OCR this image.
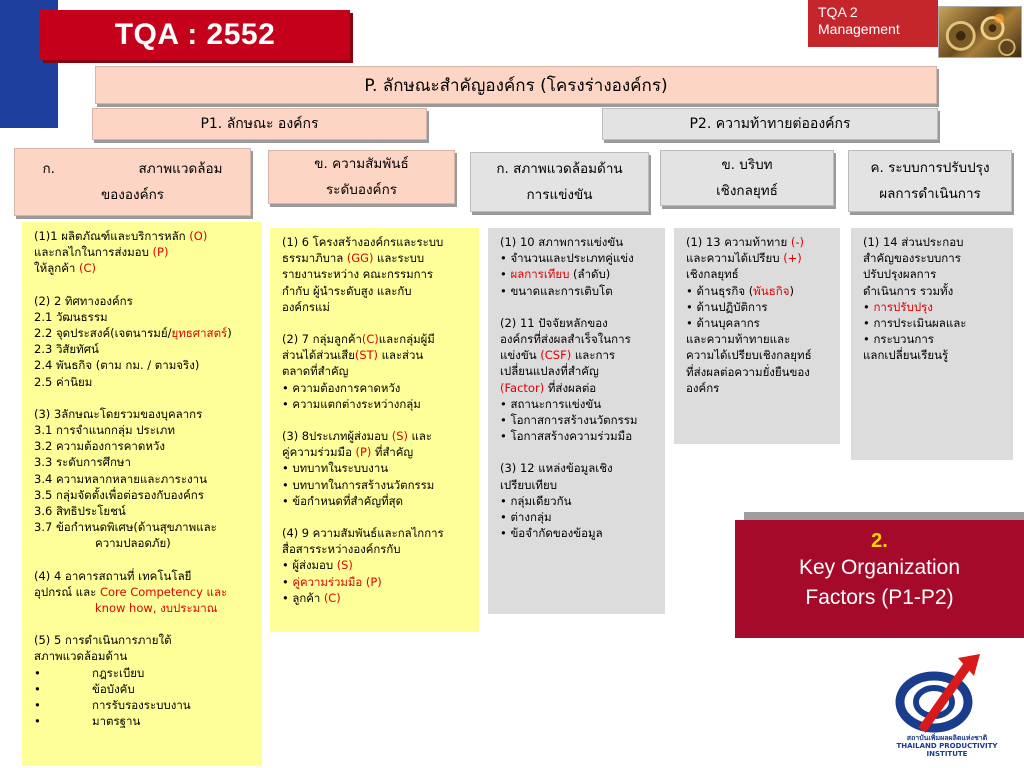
TQA : 2552
TQA 2
Management
P. ลักษณะสำคัญองค์กร (โครงร่างองค์กร)
P1. ลักษณะ องค์กร	P2. ความท้าทายต่อองค์กร
ก.	สภาพแวดล้อม
ขององค์กร
ข. ความสัมพันธ์
ระดับองค์กร
ก. สภาพแวดล้อมด้าน
การแข่งขัน
ข. บริบท
เชิงกลยุทธ์
ค. ระบบการปรับปรุง
ผลการดำเนินการ

(1)1 ผลิตภัณฑ์และบริการหลัก (O)

และกลไกในการส่งมอบ (P)

ให้ลูกค้า (C)

(2) 2 ทิศทางองค์กร

2.1 วัฒนธรรม

2.2 จุดประสงค์(เจตนารมย์/ยุทธศาสตร์)

2.3 วิสัยทัศน์

2.4 พันธกิจ (ตาม กม. / ตามจริง)

2.5 ค่านิยม

(3) 3ลักษณะโดยรวมของบุคลากร

3.1 การจำแนกกลุ่ม ประเภท

3.2 ความต้องการคาดหวัง

3.3 ระดับการศึกษา

3.4 ความหลากหลายและภาระงาน

3.5 กลุ่มจัดตั้งเพื่อต่อรองกับองค์กร

3.6 สิทธิประโยชน์

3.7 ข้อกำหนดพิเศษ(ด้านสุขภาพและ

ความปลอดภัย)

(4) 4 อาคารสถานที่ เทคโนโลยี

อุปกรณ์ และ Core Competency และ

know how, งบประมาณ

(5) 5 การดำเนินการภายใต้

สภาพแวดล้อมด้าน

•	กฎระเบียบ
•	ข้อบังคับ
•	การรับรองระบบงาน
•	มาตรฐาน

(1) 6 โครงสร้างองค์กรและระบบ

ธรรมาภิบาล (GG) และระบบ

รายงานระหว่าง คณะกรรมการ

กำกับ ผู้นำระดับสูง และกับ

องค์กรแม่

(2) 7 กลุ่มลูกค้า(C)และกลุ่มผู้มี

ส่วนได้ส่วนเสีย(ST) และส่วน

ตลาดที่สำคัญ

• ความต้องการคาดหวัง

• ความแตกต่างระหว่างกลุ่ม

(3) 8ประเภทผู้ส่งมอบ (S) และ

คู่ความร่วมมือ (P) ที่สำคัญ

• บทบาทในระบบงาน

• บทบาทในการสร้างนวัตกรรม

• ข้อกำหนดที่สำคัญที่สุด

(4) 9 ความสัมพันธ์และกลไกการ

สื่อสารระหว่างองค์กรกับ

• ผู้ส่งมอบ (S)

• คู่ความร่วมมือ (P)

• ลูกค้า (C)

(1) 10 สภาพการแข่งขัน

• จำนวนและประเภทคู่แข่ง

• ผลการเทียบ (ลำดับ)

• ขนาดและการเติบโต

(2) 11 ปัจจัยหลักของ

องค์กรที่ส่งผลสำเร็จในการ

แข่งขัน (CSF) และการ

เปลี่ยนแปลงที่สำคัญ

(Factor) ที่ส่งผลต่อ

• สถานะการแข่งขัน

• โอกาสการสร้างนวัตกรรม

• โอกาสสร้างความร่วมมือ

(3) 12 แหล่งข้อมูลเชิง

เปรียบเทียบ

• กลุ่มเดียวกัน

• ต่างกลุ่ม

• ข้อจำกัดของข้อมูล

(1) 13 ความท้าทาย (-)

และความได้เปรียบ (+)

เชิงกลยุทธ์

• ด้านธุรกิจ (พันธกิจ)

• ด้านปฏิบัติการ

• ด้านบุคลากร

และความท้าทายและ

ความได้เปรียบเชิงกลยุทธ์

ที่ส่งผลต่อความยั่งยืนของ

องค์กร

(1) 14 ส่วนประกอบ

สำคัญของระบบการ

ปรับปรุงผลการ

ดำเนินการ รวมทั้ง

• การปรับปรุง

• การประเมินผลและ

• กระบวนการ

แลกเปลี่ยนเรียนรู้

2.
Key Organization
Factors (P1-P2)
สถาบันเพิ่มผลผลิตแห่งชาติ
THAILAND PRODUCTIVITY INSTITUTE
